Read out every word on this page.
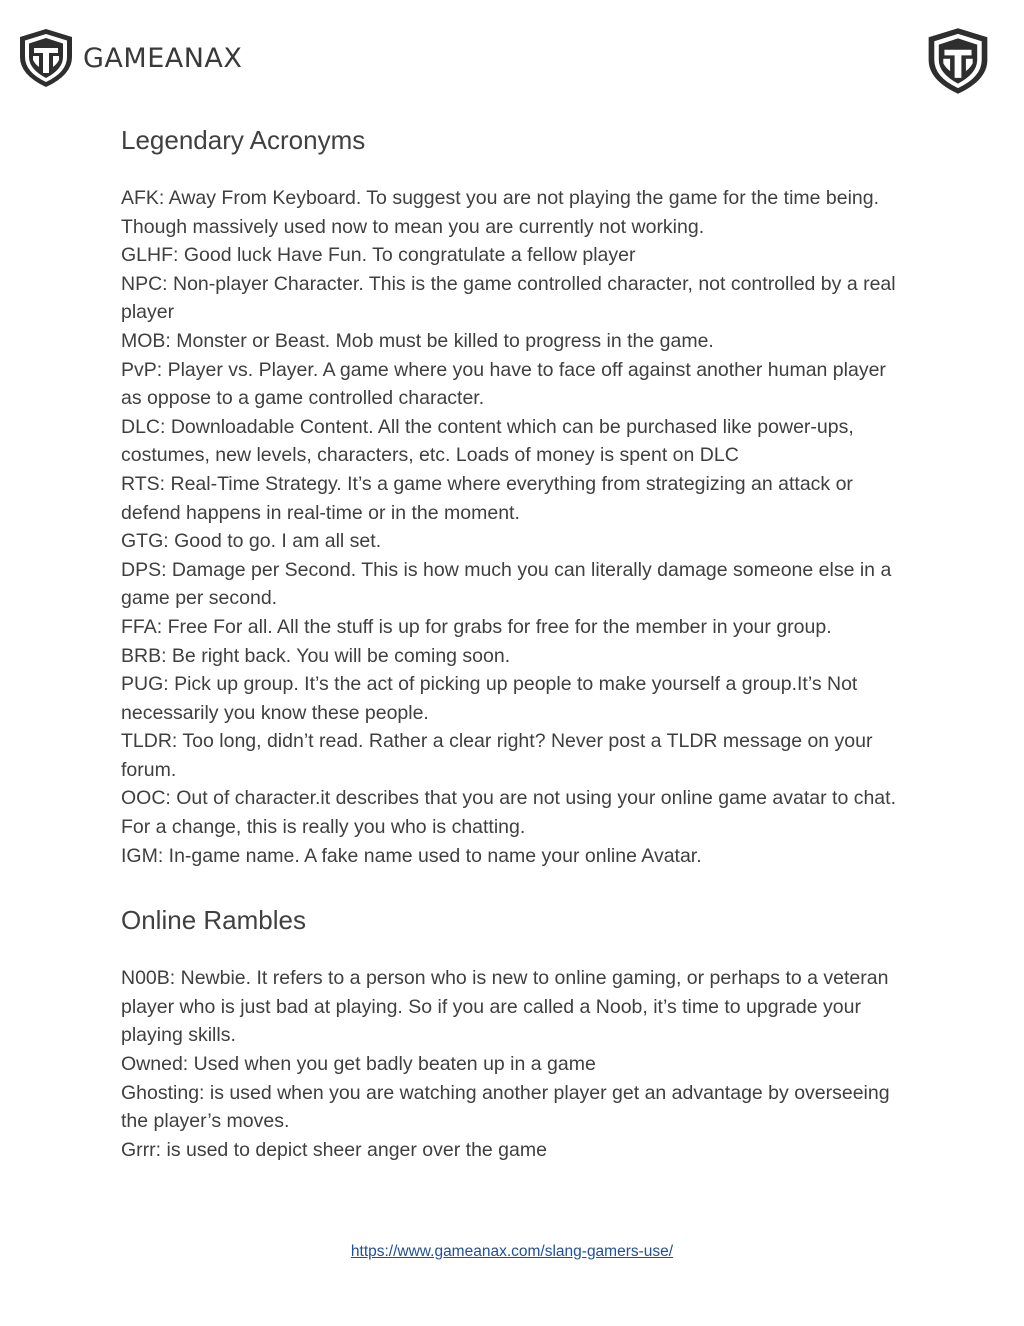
GAMEANAX
Legendary Acronyms
AFK: Away From Keyboard. To suggest you are not playing the game for the time being. Though massively used now to mean you are currently not working.
GLHF: Good luck Have Fun. To congratulate a fellow player
NPC: Non-player Character. This is the game controlled character, not controlled by a real player
MOB: Monster or Beast. Mob must be killed to progress in the game.
PvP: Player vs. Player. A game where you have to face off against another human player as oppose to a game controlled character.
DLC: Downloadable Content. All the content which can be purchased like power-ups, costumes, new levels, characters, etc. Loads of money is spent on DLC
RTS: Real-Time Strategy. It’s a game where everything from strategizing an attack or defend happens in real-time or in the moment.
GTG: Good to go. I am all set.
DPS: Damage per Second. This is how much you can literally damage someone else in a game per second.
FFA: Free For all. All the stuff is up for grabs for free for the member in your group.
BRB: Be right back. You will be coming soon.
PUG: Pick up group. It’s the act of picking up people to make yourself a group.It’s Not necessarily you know these people.
TLDR: Too long, didn’t read. Rather a clear right? Never post a TLDR message on your forum.
OOC: Out of character.it describes that you are not using your online game avatar to chat. For a change, this is really you who is chatting.
IGM: In-game name. A fake name used to name your online Avatar.
Online Rambles
N00B: Newbie. It refers to a person who is new to online gaming, or perhaps to a veteran player who is just bad at playing. So if you are called a Noob, it’s time to upgrade your playing skills.
Owned: Used when you get badly beaten up in a game
Ghosting: is used when you are watching another player get an advantage by overseeing the player’s moves.
Grrr: is used to depict sheer anger over the game
https://www.gameanax.com/slang-gamers-use/
